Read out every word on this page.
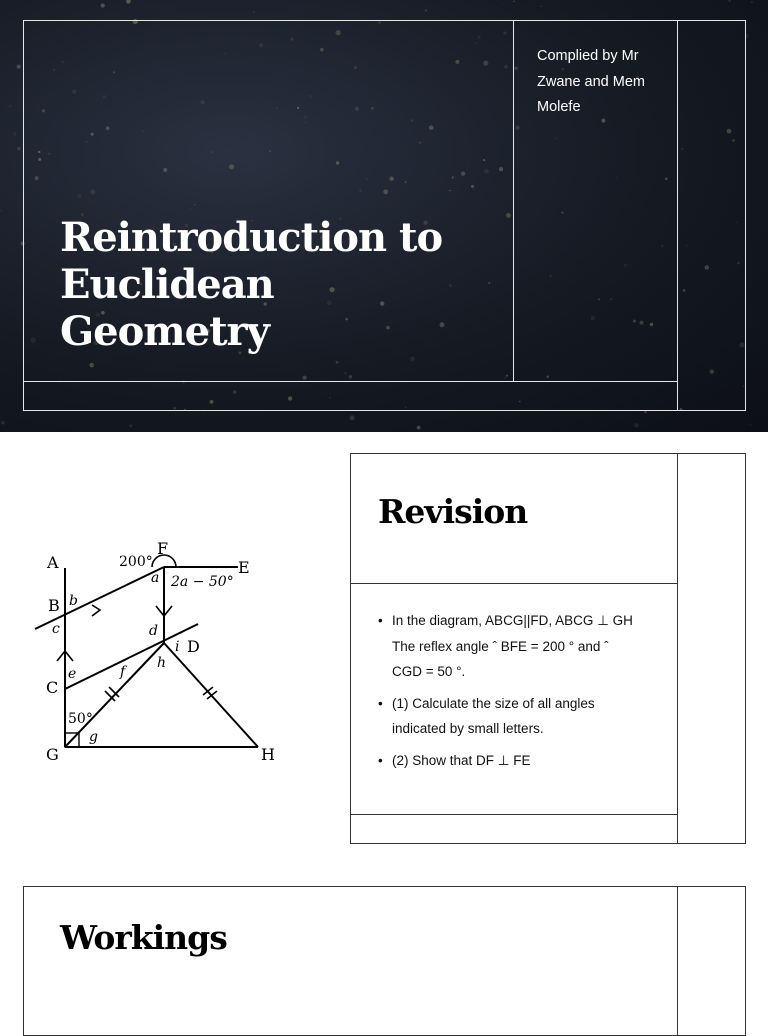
Reintroduction to
Euclidean
Geometry
Complied by Mr
Zwane and Mem
Molefe
Revision
• In the diagram, ABCG||FD, ABCG ⊥ GH
The reflex angle ˆ BFE = 200 ° and ˆ
CGD = 50 °.
• (1) Calculate the size of all angles
indicated by small letters.
• (2) Show that DF ⊥ FE
A
B
C
G
F
E
D
H
200°
a 2a − 50°
b
c	d
e	f
h
i
g
50°
Workings
